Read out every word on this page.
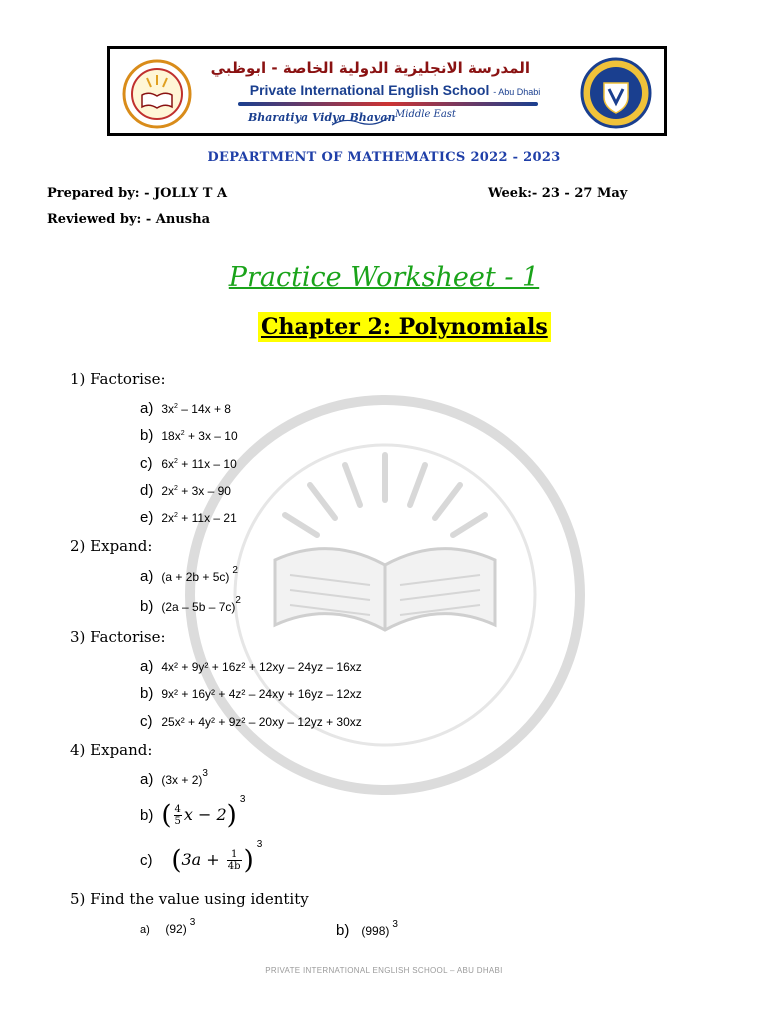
المدرسة الانجليزية الدولية الخاصة - ابوظبي
Private International English School - Abu Dhabi
Bharatiya Vidya Bhavan Middle East
DEPARTMENT OF MATHEMATICS 2022 - 2023
Prepared by: - JOLLY T A	Week:- 23 - 27 May
Reviewed by: - Anusha
Practice Worksheet - 1
Chapter 2: Polynomials
1) Factorise:
a) $3x^2 - 14x + 8$
b) $18x^2 + 3x - 10$
c) $6x^2 + 11x - 10$
d) $2x^2 + 3x - 90$
e) $2x^2 + 11x - 21$
2) Expand:
a) (a + 2b + 5c) $^2$
b) (2a – 5b – 7c)$^2$
3) Factorise:
a) 4x² + 9y² + 16z² + 12xy – 24yz – 16xz
b) 9x² + 16y² + 4z² – 24xy + 16yz – 12xz
c) 25x² + 4y² + 9z² – 20xy – 12yz + 30xz
4) Expand:
a) $(3x + 2)^3$
b) ( $\frac{4}{5}$ x − 2)$^3$
c) $(3a + \frac{1}{4b} )^3$
5) Find the value using identity
a) (92) $^3$	b) (998) $^3$
PRIVATE INTERNATIONAL ENGLISH SCHOOL – ABU DHABI
